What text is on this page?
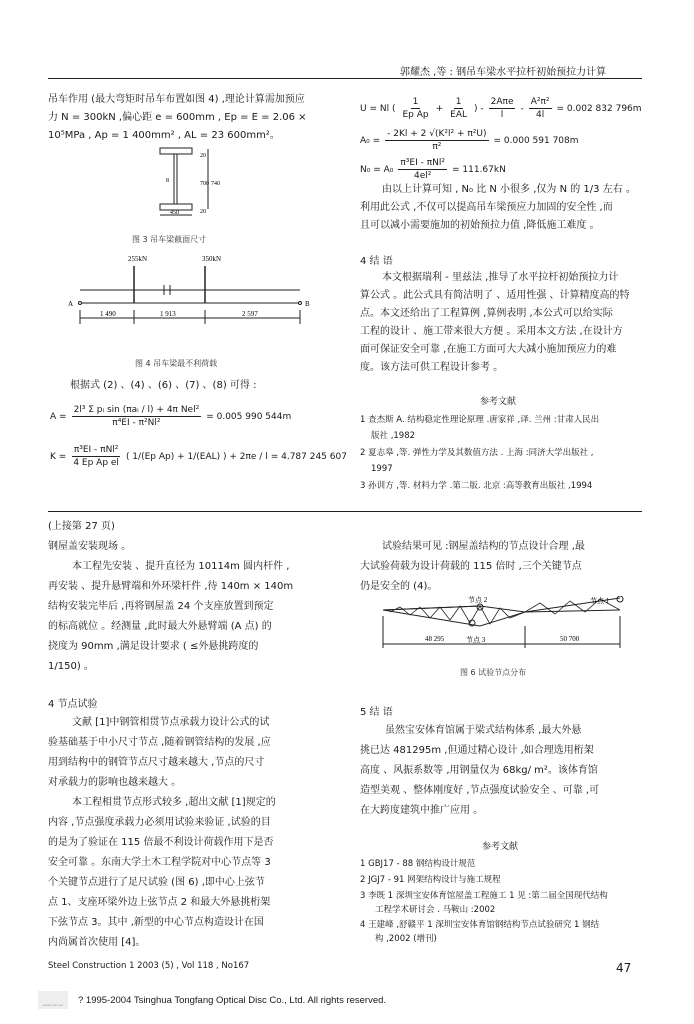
郭耀杰 ,等 : 钢吊车梁水平拉杆初始预拉力计算
吊车作用 (最大弯矩时吊车布置如图 4) ,理论计算需加预应
力 N = 300kN ,偏心距 e = 600mm , Ep = E = 2.06 ×
10⁵MPa , Ap = 1 400mm² , AL = 23 600mm²。
20
700 740
20
8
450
图 3 吊车梁截面尺寸
255kN	350kN
A	B
1 490	1 913	2 597
图 4 吊车梁最不利荷载
根据式 (2) 、(4) 、(6) 、(7) 、(8) 可得 :
$A = \frac{\text{2l³ Σ pᵢ sin (πaᵢ / l) + 4π Nel²}}{\text{π⁴EI - π²Nl²}} = 0.005$ 990 544m
$K = \frac{\text{π³EI - πNl²}}{\text{4 Ep Ap el}}$ ( 1/(Ep Ap) + 1/(EAL) ) + 2πe / l = 4.787 245 607
U = Nl ( $\frac{1}{\text{Ep Ap}} + \frac{1}{\text{EAL}}$ ) - $\frac{\text{2Aπe}}{l} - \frac{\text{A²π²}}{4l} = 0.002$ 832 796m
$A_0 = \frac{\text{- 2Kl + 2 √(K²l² + π²U)}}{\text{π²}} = 0.000$ 591 708m
$N_0 = A_0 \frac{\text{π³EI - πNl²}}{\text{4el²}} = 111.67kN$
由以上计算可知 , N₀ 比 N 小很多 ,仅为 N 的 1/3 左右 。
利用此公式 ,不仅可以提高吊车梁预应力加固的安全性 ,而
且可以减小需要施加的初始预拉力值 ,降低施工难度 。
4 结 语
本文根据瑞利 - 里兹法 ,推导了水平拉杆初始预拉力计
算公式 。此公式具有简洁明了 、适用性强 、计算精度高的特
点。本文还给出了工程算例 ,算例表明 ,本公式可以给实际
工程的设计 、施工带来很大方便 。采用本文方法 ,在设计方
面可保证安全可靠 ,在施工方面可大大减小施加预应力的难
度。该方法可供工程设计参考 。
参考文献
1 查杰斯 A. 结构稳定性理论原理 .唐家祥 ,译. 兰州 :甘肃人民出
版社 ,1982
2 夏志皋 ,等. 弹性力学及其数值方法 . 上海 :同济大学出版社 ,
1997
3 孙训方 ,等. 材料力学 .第二版. 北京 :高等教育出版社 ,1994
(上接第 27 页)
钢屋盖安装现场 。
本工程先安装 、提升直径为 10114m 圆内杆件 ,
再安装 、提升悬臂端和外环梁杆件 ,待 140m × 140m
结构安装完毕后 ,再将钢屋盖 24 个支座放置到预定
的标高就位 。经测量 ,此时最大外悬臂端 (A 点) 的
挠度为 90mm ,满足设计要求 ( ≤外悬挑跨度的
1/150) 。
4 节点试验
文献 [1]中钢管相贯节点承载力设计公式的试
验基础基于中小尺寸节点 ,随着钢管结构的发展 ,应
用到结构中的钢管节点尺寸越来越大 ,节点的尺寸
对承载力的影响也越来越大 。
本工程相贯节点形式较多 ,超出文献 [1]规定的
内容 ,节点强度承载力必须用试验来验证 ,试验的目
的是为了验证在 115 倍最不利设计荷载作用下是否
安全可靠 。东南大学土木工程学院对中心节点等 3
个关键节点进行了足尺试验 (图 6) ,即中心上弦节
点 1、支座环梁外边上弦节点 2 和最大外悬挑桁架
下弦节点 3。其中 ,新型的中心节点构造设计在国
内尚属首次使用 [4]。
试验结果可见 :钢屋盖结构的节点设计合理 ,最
大试验荷载为设计荷载的 115 倍时 ,三个关键节点
仍是安全的 (4)。
节点 1
节点 2
节点 3
48 295	50 700
图 6 试验节点分布
5 结 语
虽然宝安体育馆属于梁式结构体系 ,最大外悬
挑已达 481295m ,但通过精心设计 ,如合理选用桁架
高度 、风振系数等 ,用钢量仅为 68kg/ m²。该体育馆
造型美观 、整体刚度好 ,节点强度试验安全 、可靠 ,可
在大跨度建筑中推广应用 。
参考文献
1 GBJ17 - 88 钢结构设计规范
2 JGJ7 - 91 网架结构设计与施工规程
3 李既 1 深圳宝安体育馆屋盖工程施工 1 见 :第二届全国现代结构
工程学术研讨会 . 马鞍山 :2002
4 王建峰 ,舒赣平 1 深圳宝安体育馆钢结构节点试验研究 1 钢结
构 ,2002 (增刊)
Steel Construction 1 2003 (5) , Vol 118 , No167	47
www.cnki.net	? 1995-2004 Tsinghua Tongfang Optical Disc Co., Ltd. All rights reserved.
